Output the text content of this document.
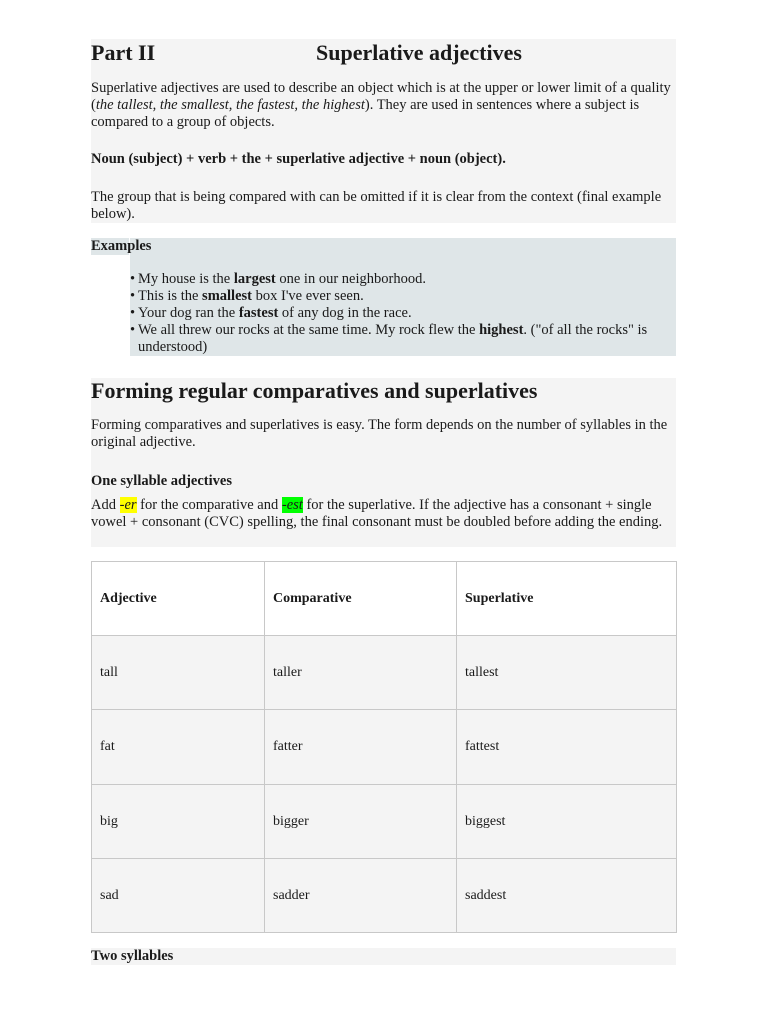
Part II	Superlative adjectives

Superlative adjectives are used to describe an object which is at the upper or lower limit of a quality (the tallest, the smallest, the fastest, the highest). They are used in sentences where a subject is compared to a group of objects.

Noun (subject) + verb + the + superlative adjective + noun (object).

The group that is being compared with can be omitted if it is clear from the context (final example below).

Examples
• My house is the largest one in our neighborhood.
• This is the smallest box I've ever seen.
• Your dog ran the fastest of any dog in the race.
• We all threw our rocks at the same time. My rock flew the highest. ("of all the rocks" is understood)
Forming regular comparatives and superlatives

Forming comparatives and superlatives is easy. The form depends on the number of syllables in the original adjective.

One syllable adjectives

Add -er for the comparative and -est for the superlative. If the adjective has a consonant + single vowel + consonant (CVC) spelling, the final consonant must be doubled before adding the ending.

Adjective	Comparative	Superlative
tall	taller	tallest
fat	fatter	fattest
big	bigger	biggest
sad	sadder	saddest

Two syllables
